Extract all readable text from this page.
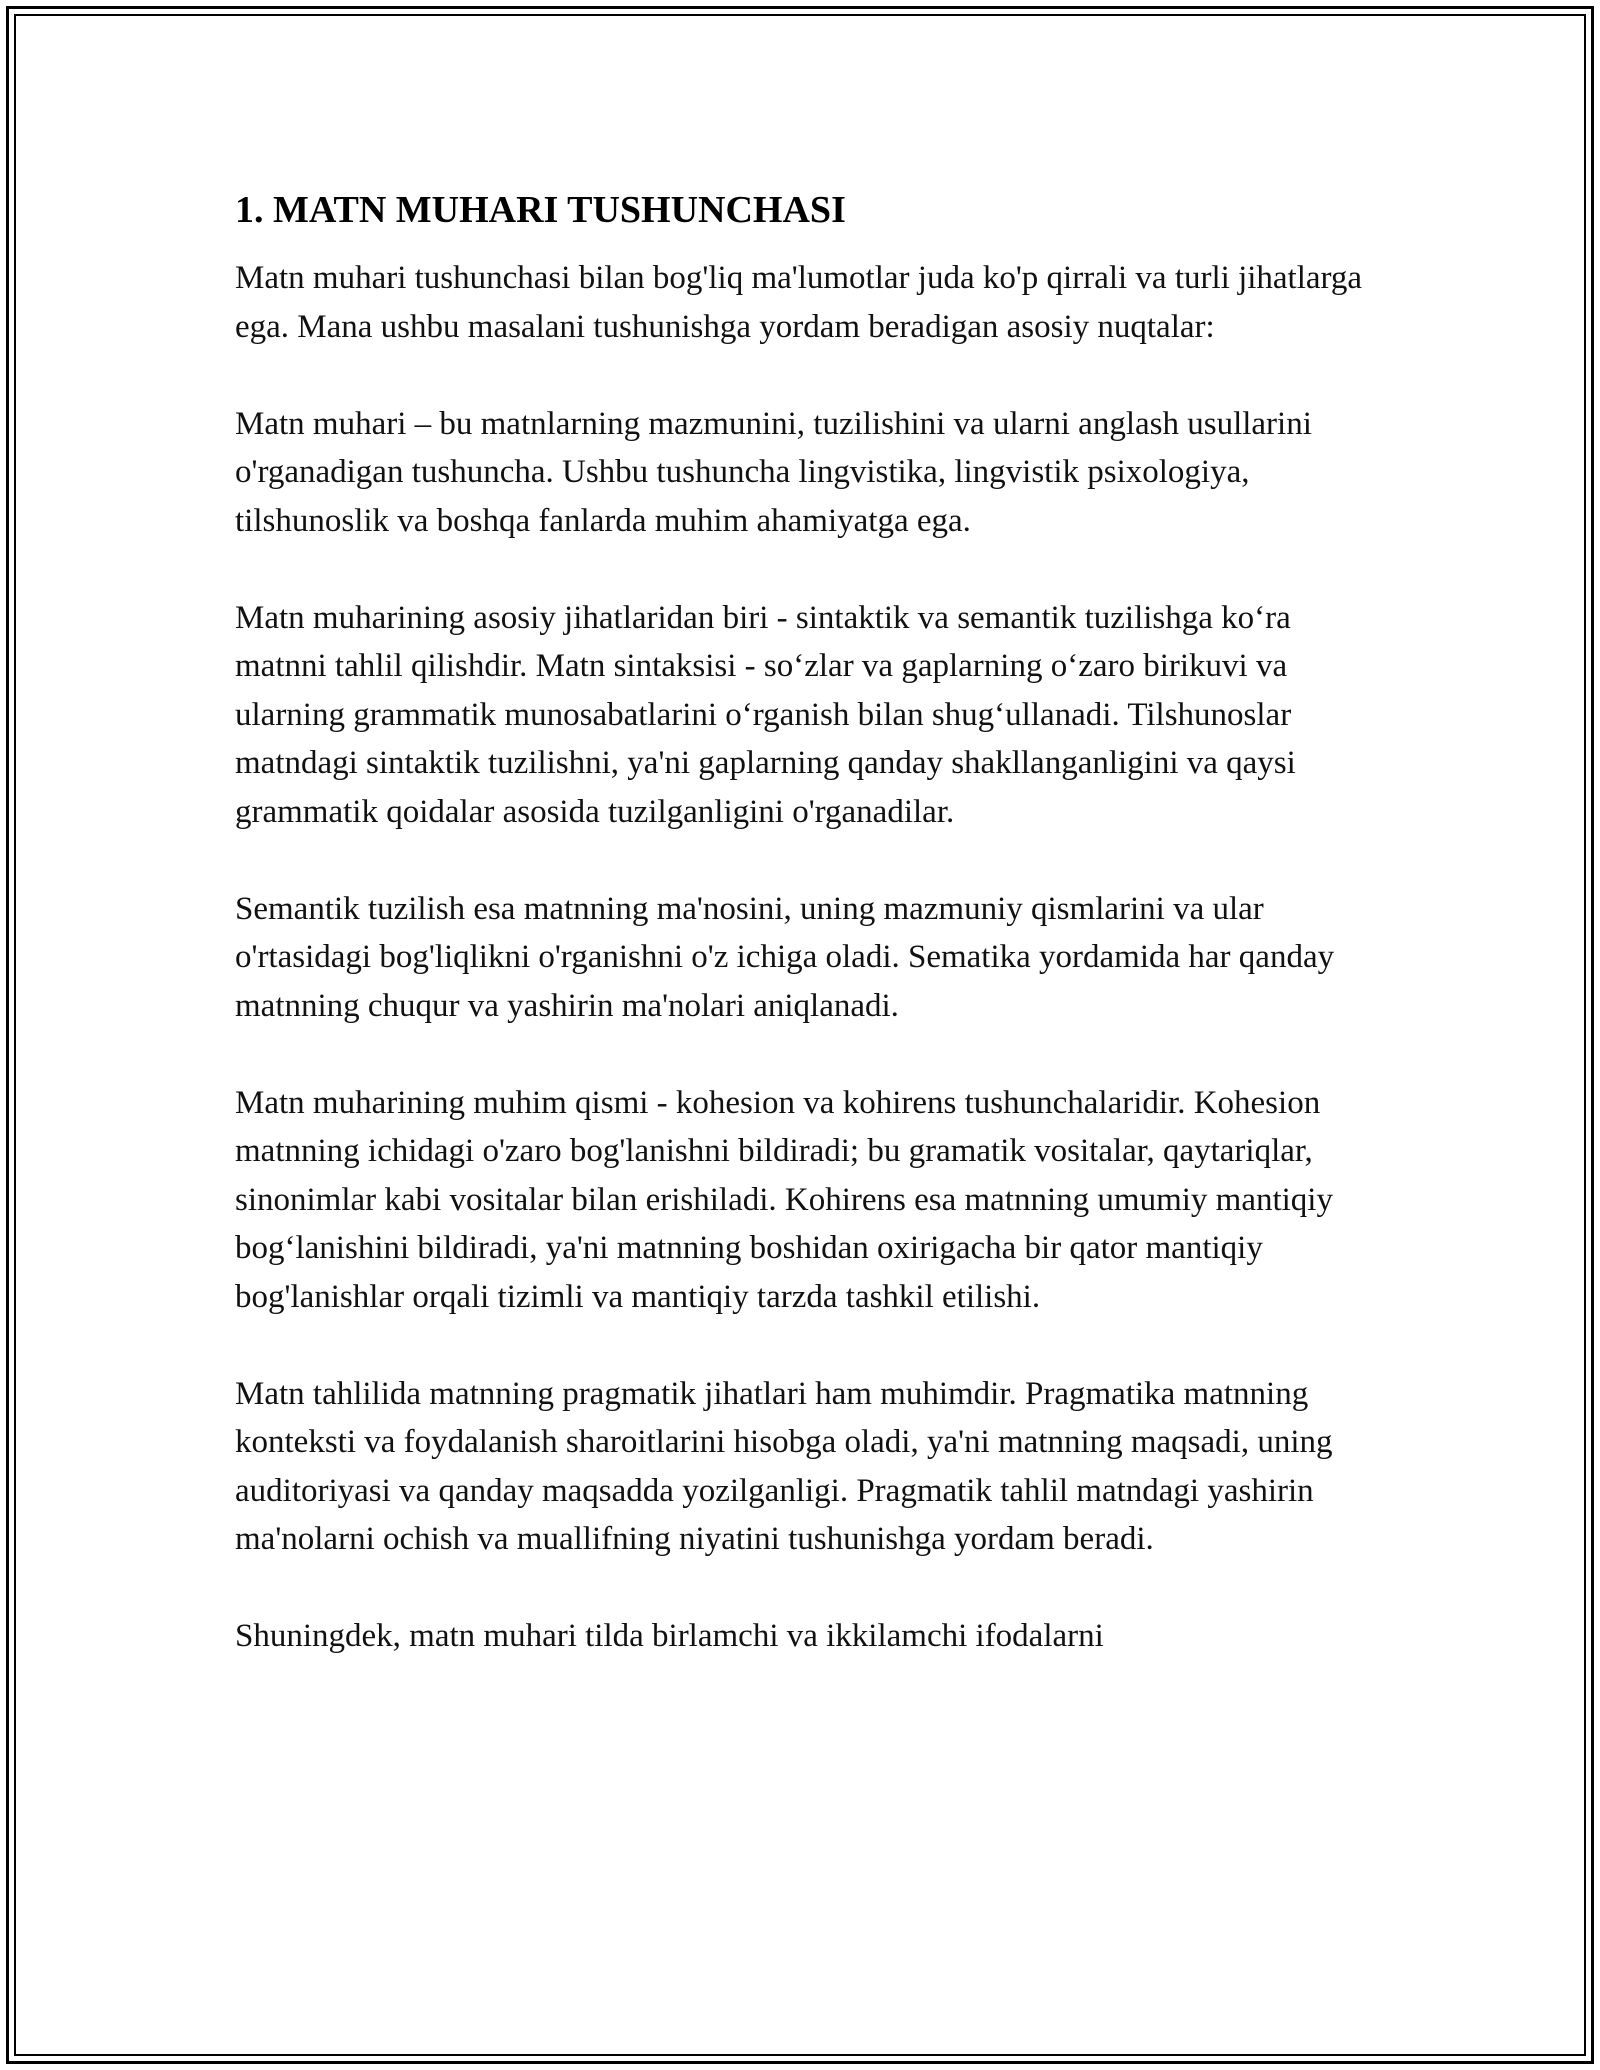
1. MATN MUHARI TUSHUNCHASI

Matn muhari tushunchasi bilan bog'liq ma'lumotlar juda ko'p qirrali va turli jihatlarga ega. Mana ushbu masalani tushunishga yordam beradigan asosiy nuqtalar:

Matn muhari – bu matnlarning mazmunini, tuzilishini va ularni anglash usullarini o'rganadigan tushuncha. Ushbu tushuncha lingvistika, lingvistik psixologiya, tilshunoslik va boshqa fanlarda muhim ahamiyatga ega.

Matn muharining asosiy jihatlaridan biri - sintaktik va semantik tuzilishga ko‘ra matnni tahlil qilishdir. Matn sintaksisi - so‘zlar va gaplarning o‘zaro birikuvi va ularning grammatik munosabatlarini o‘rganish bilan shug‘ullanadi. Tilshunoslar matndagi sintaktik tuzilishni, ya'ni gaplarning qanday shakllanganligini va qaysi grammatik qoidalar asosida tuzilganligini o'rganadilar.

Semantik tuzilish esa matnning ma'nosini, uning mazmuniy qismlarini va ular o'rtasidagi bog'liqlikni o'rganishni o'z ichiga oladi. Sematika yordamida har qanday matnning chuqur va yashirin ma'nolari aniqlanadi.

Matn muharining muhim qismi - kohesion va kohirens tushunchalaridir. Kohesion matnning ichidagi o'zaro bog'lanishni bildiradi; bu gramatik vositalar, qaytariqlar, sinonimlar kabi vositalar bilan erishiladi. Kohirens esa matnning umumiy mantiqiy bog‘lanishini bildiradi, ya'ni matnning boshidan oxirigacha bir qator mantiqiy bog'lanishlar orqali tizimli va mantiqiy tarzda tashkil etilishi.

Matn tahlilida matnning pragmatik jihatlari ham muhimdir. Pragmatika matnning konteksti va foydalanish sharoitlarini hisobga oladi, ya'ni matnning maqsadi, uning auditoriyasi va qanday maqsadda yozilganligi. Pragmatik tahlil matndagi yashirin ma'nolarni ochish va muallifning niyatini tushunishga yordam beradi.

Shuningdek, matn muhari tilda birlamchi va ikkilamchi ifodalarni
